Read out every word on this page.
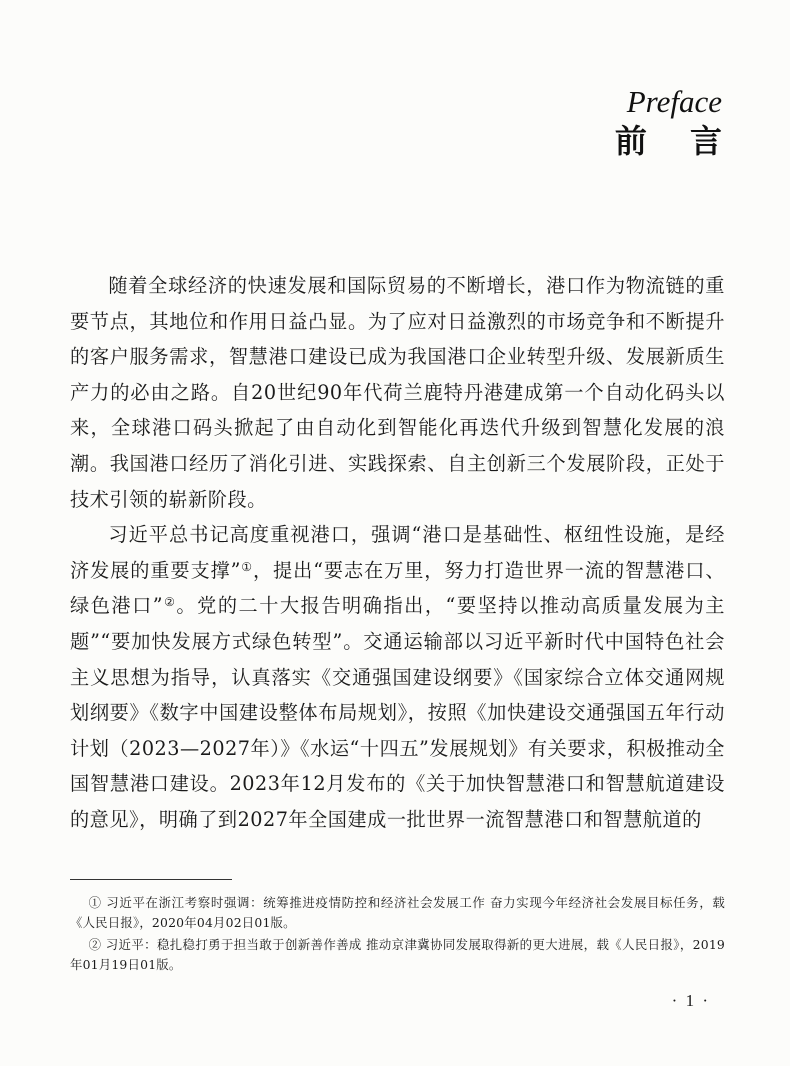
Preface
前 言

随着全球经济的快速发展和国际贸易的不断增长，港口作为物流链的重要节点，其地位和作用日益凸显。为了应对日益激烈的市场竞争和不断提升的客户服务需求，智慧港口建设已成为我国港口企业转型升级、发展新质生产力的必由之路。自20世纪90年代荷兰鹿特丹港建成第一个自动化码头以来，全球港口码头掀起了由自动化到智能化再迭代升级到智慧化发展的浪潮。我国港口经历了消化引进、实践探索、自主创新三个发展阶段，正处于技术引领的崭新阶段。

习近平总书记高度重视港口，强调“港口是基础性、枢纽性设施，是经济发展的重要支撑”①，提出“要志在万里，努力打造世界一流的智慧港口、绿色港口”②。党的二十大报告明确指出，“要坚持以推动高质量发展为主题”“要加快发展方式绿色转型”。交通运输部以习近平新时代中国特色社会主义思想为指导，认真落实《交通强国建设纲要》《国家综合立体交通网规划纲要》《数字中国建设整体布局规划》，按照《加快建设交通强国五年行动计划（2023—2027年）》《水运“十四五”发展规划》有关要求，积极推动全国智慧港口建设。2023年12月发布的《关于加快智慧港口和智慧航道建设的意见》，明确了到2027年全国建成一批世界一流智慧港口和智慧航道的

① 习近平在浙江考察时强调：统筹推进疫情防控和经济社会发展工作 奋力实现今年经济社会发展目标任务，载《人民日报》，2020年04月02日01版。

② 习近平：稳扎稳打勇于担当敢于创新善作善成 推动京津冀协同发展取得新的更大进展，载《人民日报》，2019年01月19日01版。

· 1 ·
